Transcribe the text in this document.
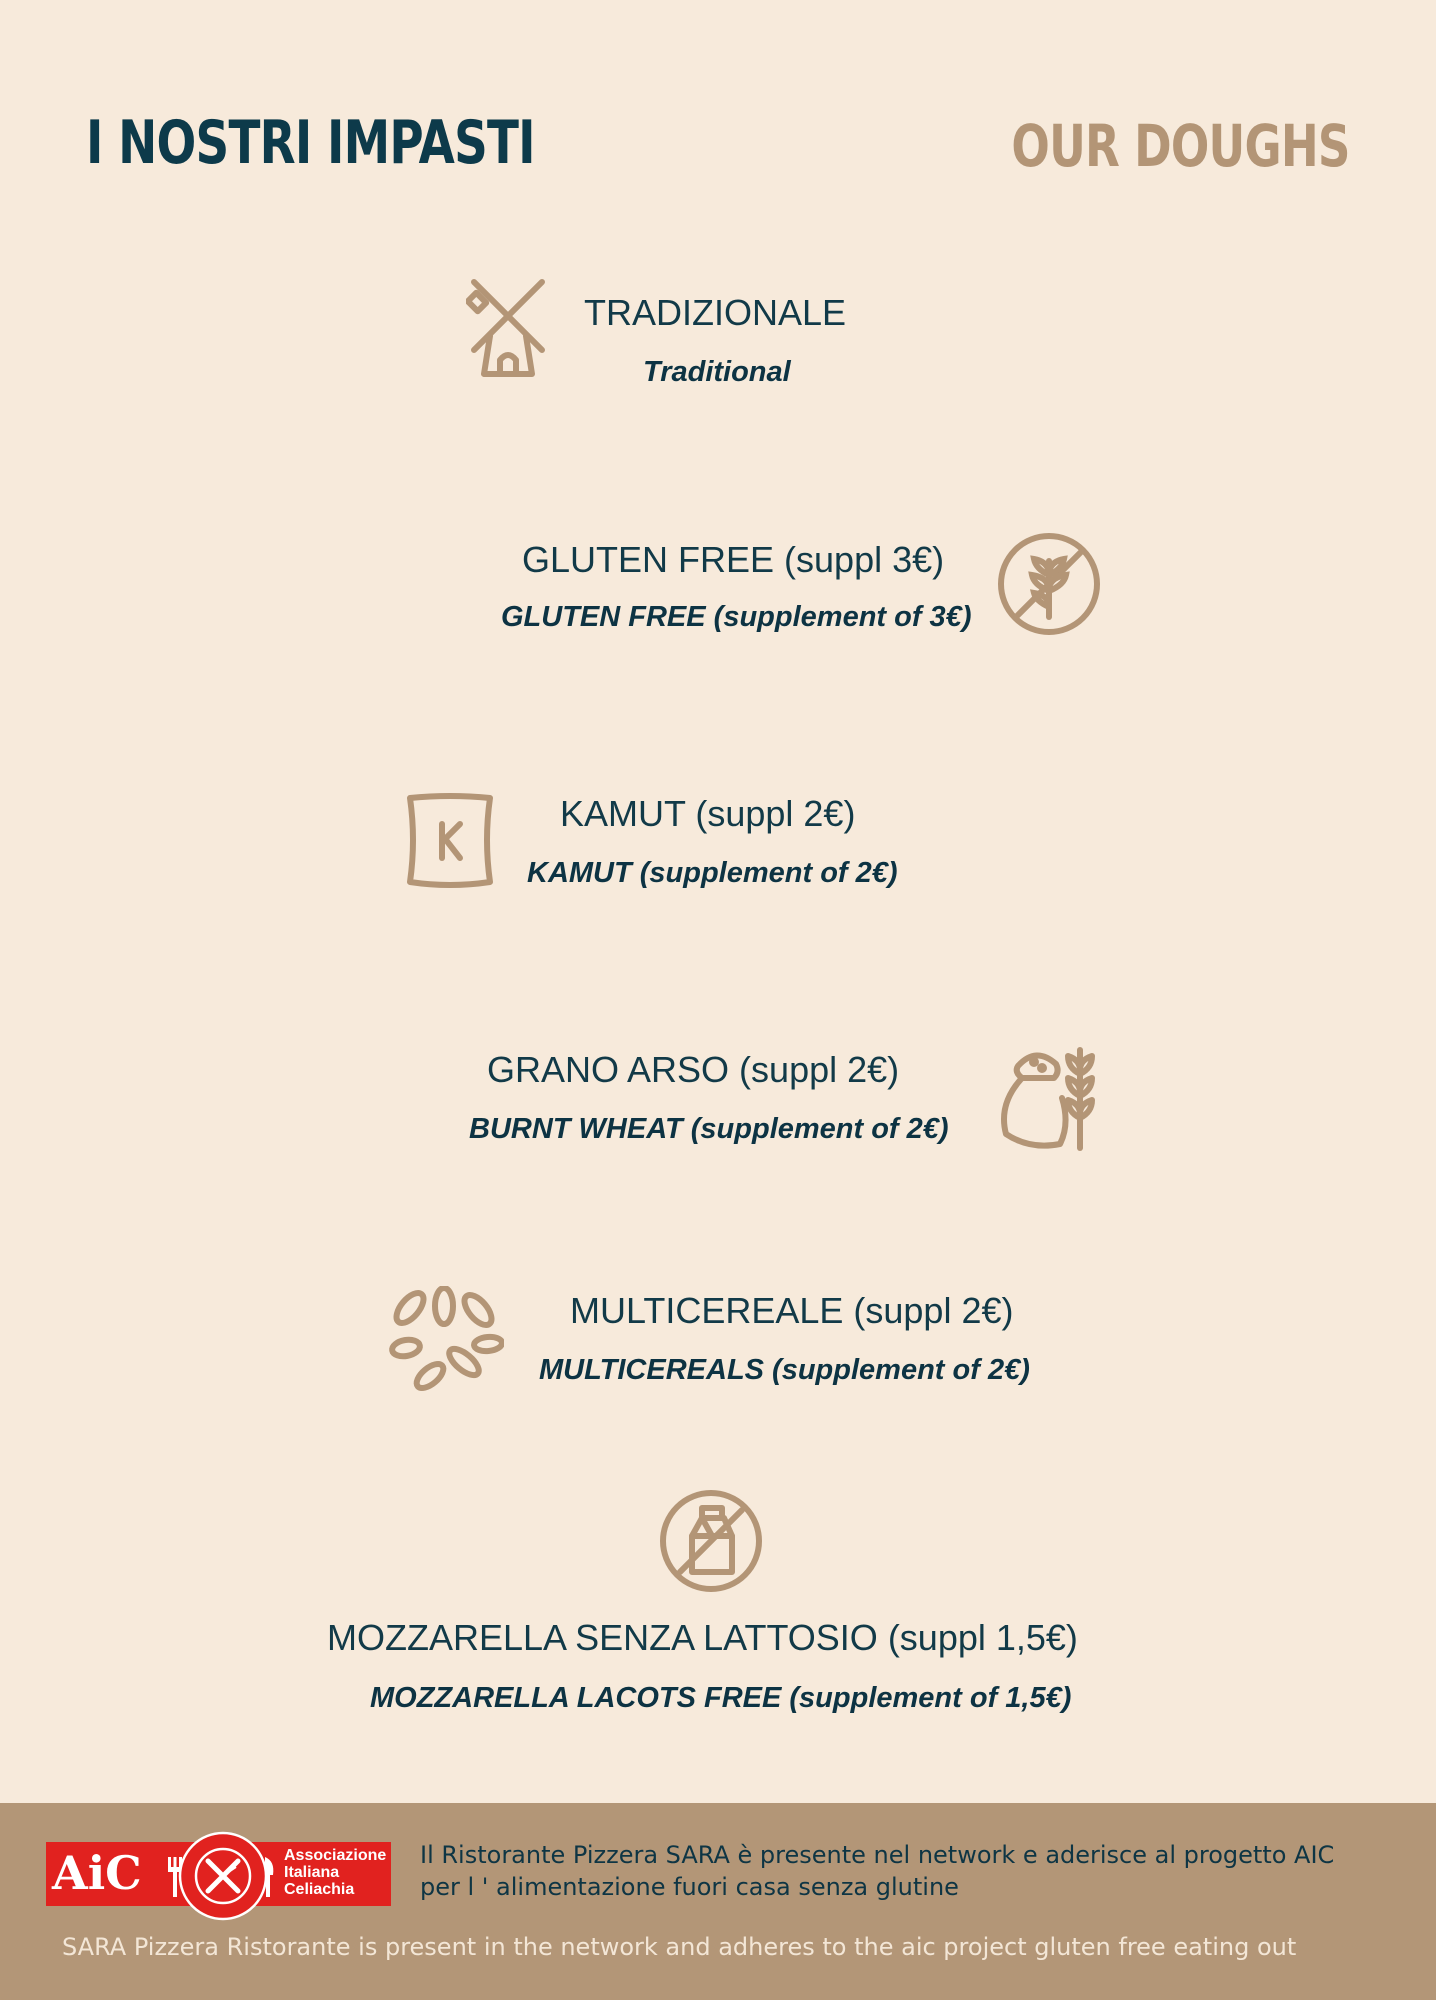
I NOSTRI IMPASTI	OUR DOUGHS
TRADIZIONALE
Traditional
GLUTEN FREE (suppl 3€)
GLUTEN FREE (supplement of 3€)
KAMUT (suppl 2€)
KAMUT (supplement of 2€)
GRANO ARSO (suppl 2€)
BURNT WHEAT (supplement of 2€)
MULTICEREALE (suppl 2€)
MULTICEREALS (supplement of 2€)
MOZZARELLA SENZA LATTOSIO (suppl 1,5€)
MOZZARELLA LACOTS FREE (supplement of 1,5€)
AiC	Associazione
Italiana
Celiachia
Il Ristorante Pizzera SARA è presente nel network e aderisce al progetto AIC
per l ' alimentazione fuori casa senza glutine
SARA Pizzera Ristorante is present in the network and adheres to the aic project gluten free eating out
